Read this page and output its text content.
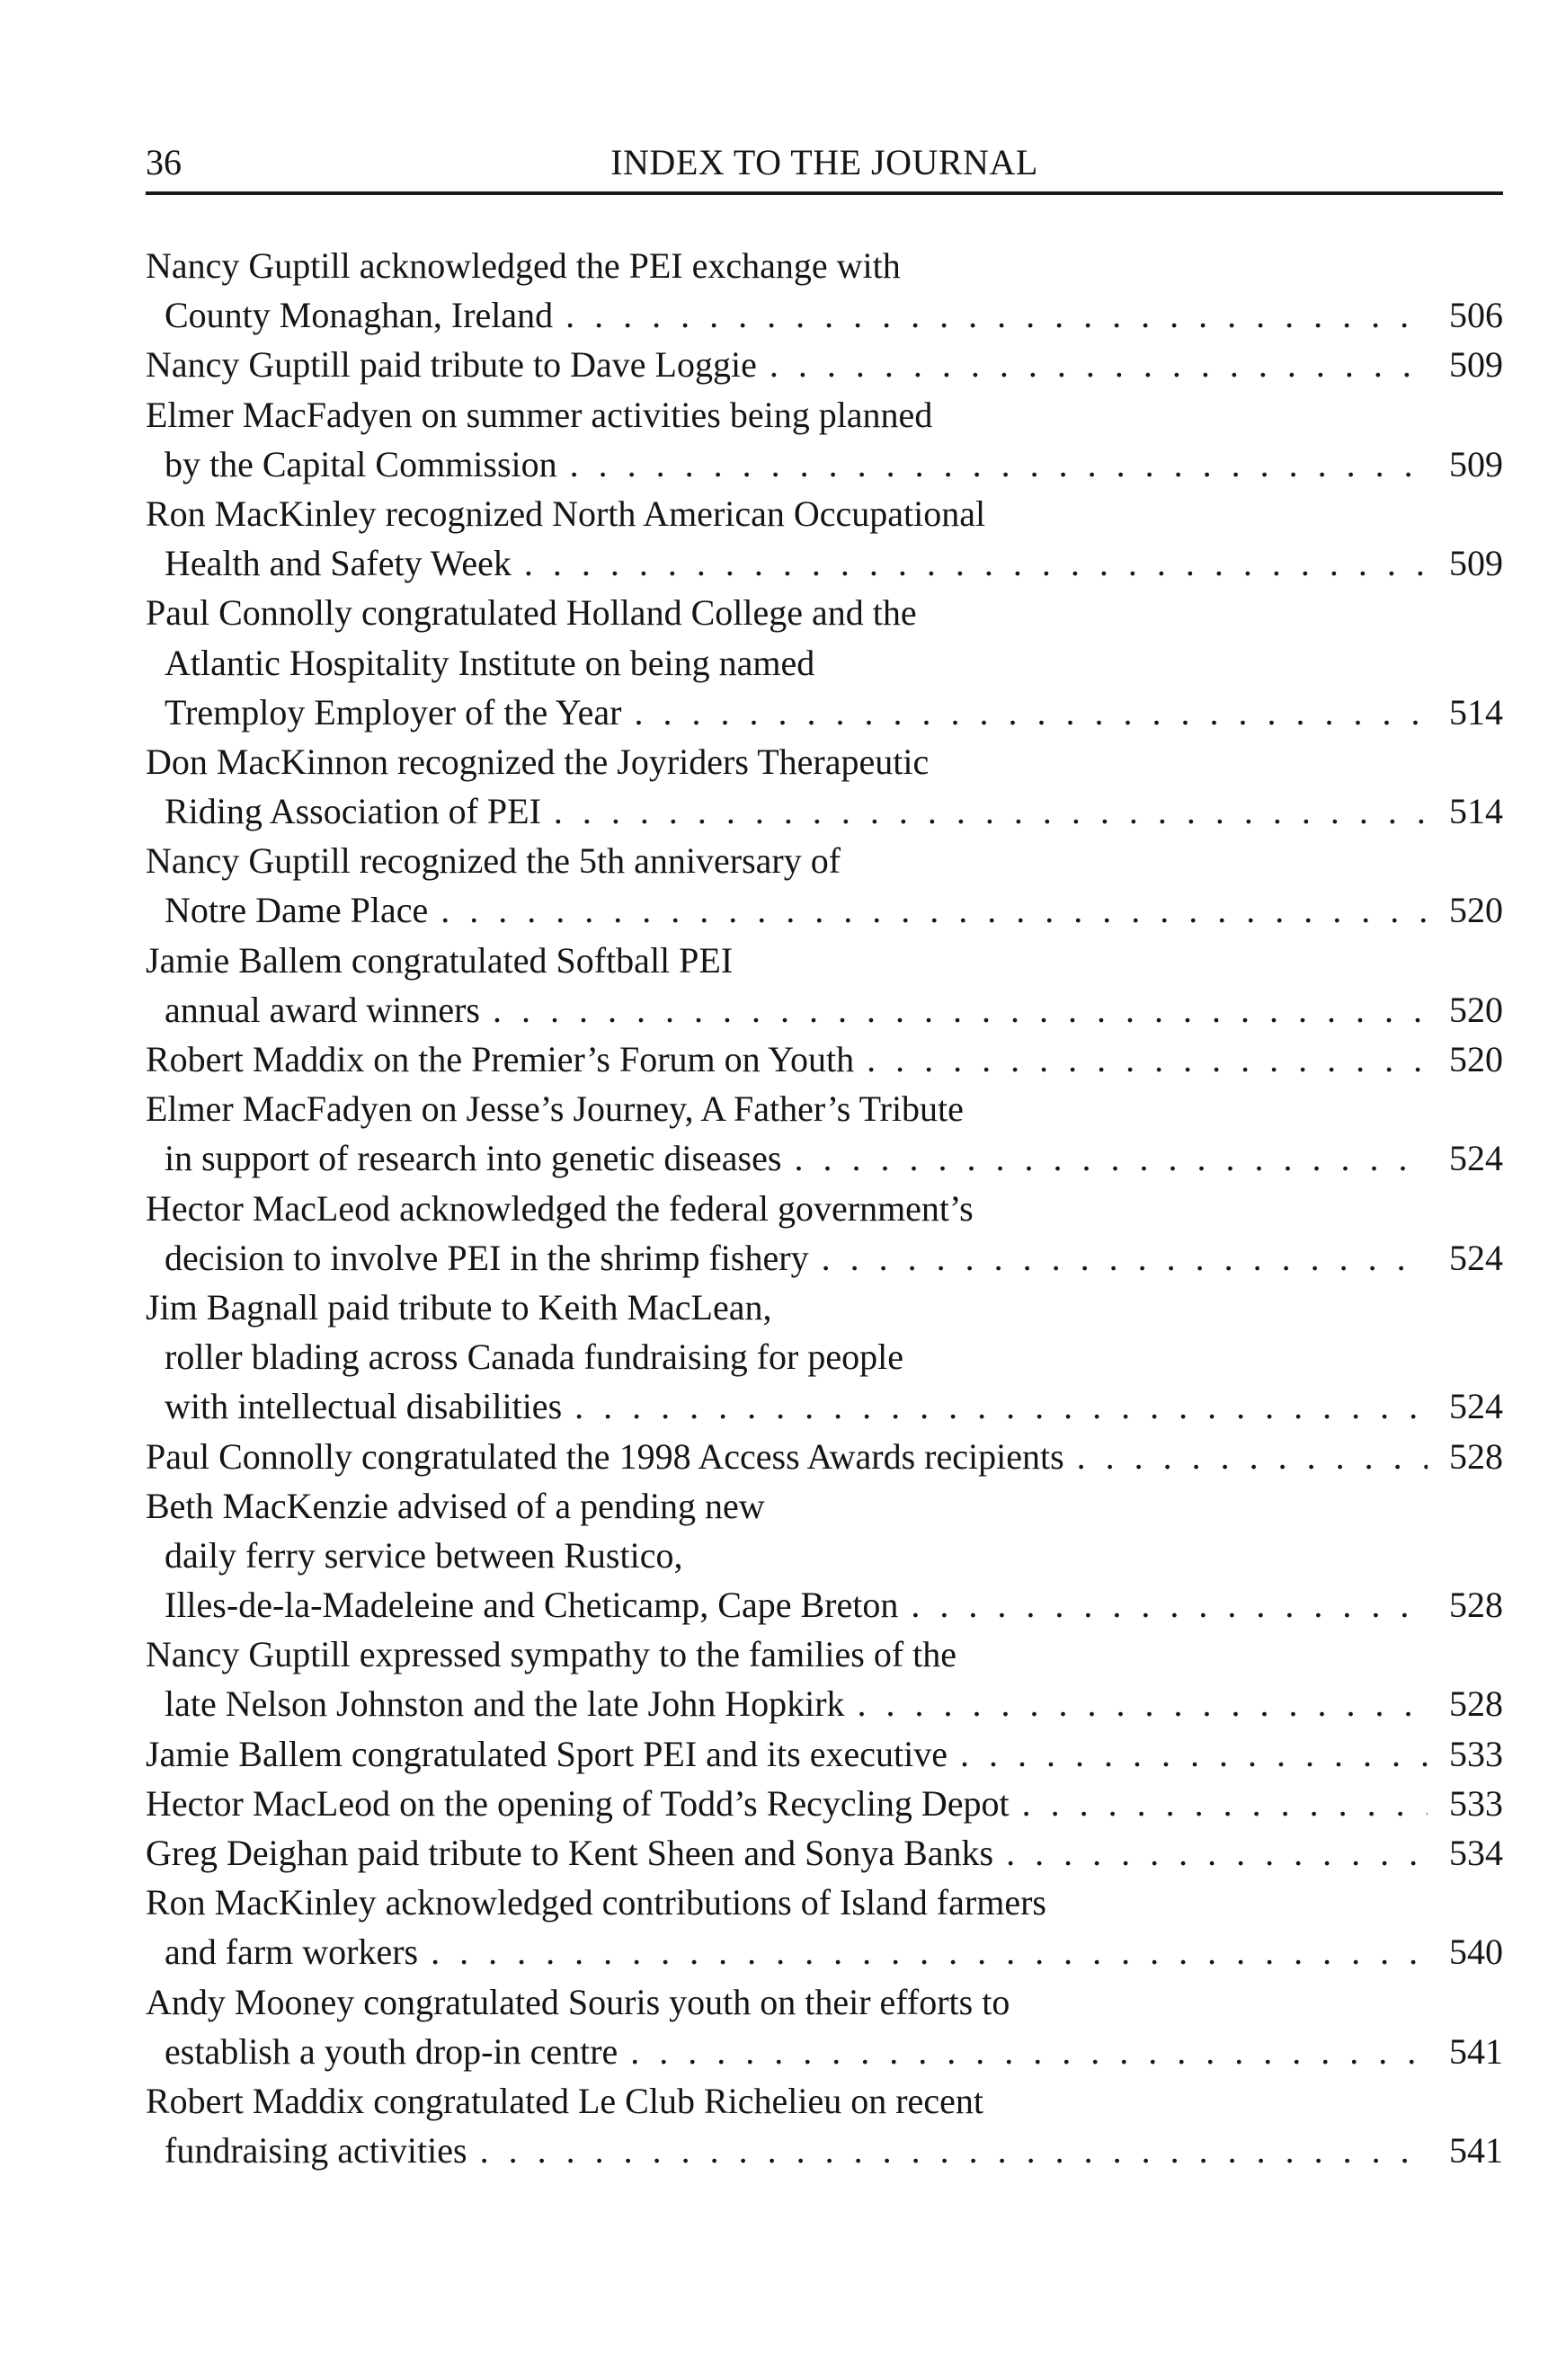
36	INDEX TO THE JOURNAL
Nancy Guptill acknowledged the PEI exchange with
County Monaghan, Ireland . . .	506
Nancy Guptill paid tribute to Dave Loggie . . .	509
Elmer MacFadyen on summer activities being planned
by the Capital Commission . . .	509
Ron MacKinley recognized North American Occupational
Health and Safety Week . . .	509
Paul Connolly congratulated Holland College and the
Atlantic Hospitality Institute on being named
Tremploy Employer of the Year . . .	514
Don MacKinnon recognized the Joyriders Therapeutic
Riding Association of PEI . . .	514
Nancy Guptill recognized the 5th anniversary of
Notre Dame Place . . .	520
Jamie Ballem congratulated Softball PEI
annual award winners . . .	520
Robert Maddix on the Premier’s Forum on Youth . . .	520
Elmer MacFadyen on Jesse’s Journey, A Father’s Tribute
in support of research into genetic diseases . . .	524
Hector MacLeod acknowledged the federal government’s
decision to involve PEI in the shrimp fishery . . .	524
Jim Bagnall paid tribute to Keith MacLean,
roller blading across Canada fundraising for people
with intellectual disabilities . . .	524
Paul Connolly congratulated the 1998 Access Awards recipients . . .	528
Beth MacKenzie advised of a pending new
daily ferry service between Rustico,
Illes-de-la-Madeleine and Cheticamp, Cape Breton . . .	528
Nancy Guptill expressed sympathy to the families of the
late Nelson Johnston and the late John Hopkirk . . .	528
Jamie Ballem congratulated Sport PEI and its executive . . .	533
Hector MacLeod on the opening of Todd’s Recycling Depot . . .	533
Greg Deighan paid tribute to Kent Sheen and Sonya Banks . . .	534
Ron MacKinley acknowledged contributions of Island farmers
and farm workers . . .	540
Andy Mooney congratulated Souris youth on their efforts to
establish a youth drop-in centre . . .	541
Robert Maddix congratulated Le Club Richelieu on recent
fundraising activities . . .	541
